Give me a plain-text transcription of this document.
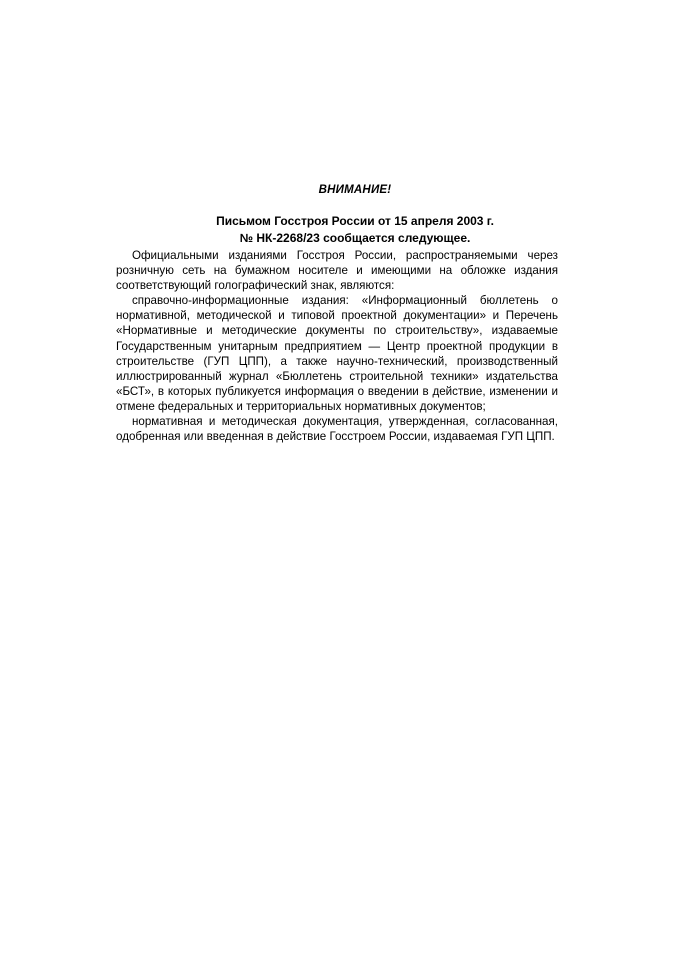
ВНИМАНИЕ!
Письмом Госстроя России от 15 апреля 2003 г.
№ НК-2268/23 сообщается следующее.

Официальными изданиями Госстроя России, распространяемыми через розничную сеть на бумажном носителе и имеющими на обложке издания соответствующий голографический знак, являются:

справочно-информационные издания: «Информационный бюллетень о нормативной, методической и типовой проектной документации» и Перечень «Нормативные и методические документы по строительству», издаваемые Государственным унитарным предприятием — Центр проектной продукции в строительстве (ГУП ЦПП), а также научно-технический, производственный иллюстрированный журнал «Бюллетень строительной техники» издательства «БСТ», в которых публикуется информация о введении в действие, изменении и отмене федеральных и территориальных нормативных документов;

нормативная и методическая документация, утвержденная, согласованная, одобренная или введенная в действие Госстроем России, издаваемая ГУП ЦПП.
